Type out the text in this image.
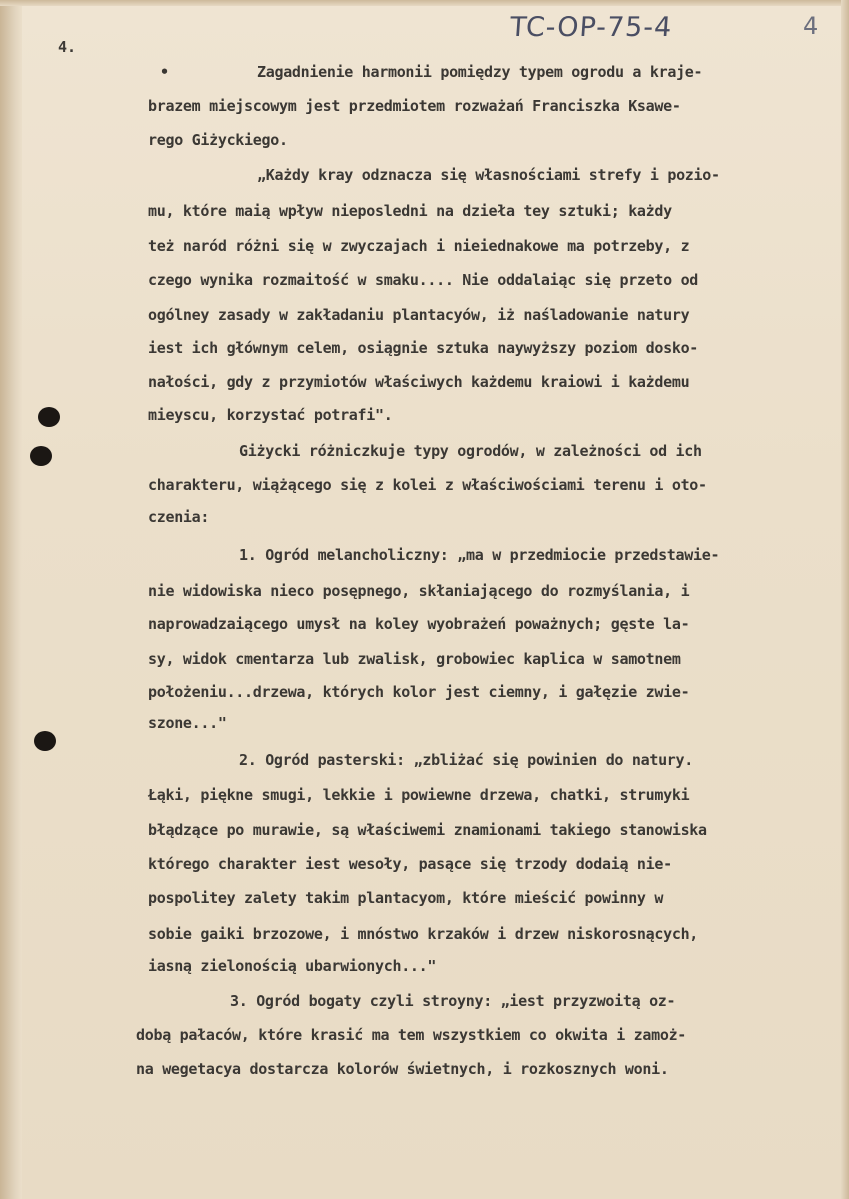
4.
TC-OP-75-4	4
•	Zagadnienie harmonii pomiędzy typem ogrodu a kraje-
brazem miejscowym jest przedmiotem rozważań Franciszka Ksawe-
rego Giżyckiego.
„Każdy kray odznacza się własnościami strefy i pozio-
mu, które maią wpływ nieposledni na dzieła tey sztuki; każdy
też naród różni się w zwyczajach i nieiednakowe ma potrzeby, z
czego wynika rozmaitość w smaku.... Nie oddalaiąc się przeto od
ogólney zasady w zakładaniu plantacyów, iż naśladowanie natury
iest ich głównym celem, osiągnie sztuka naywyższy poziom dosko-
nałości, gdy z przymiotów właściwych każdemu kraiowi i każdemu
mieyscu, korzystać potrafi".
Giżycki różniczkuje typy ogrodów, w zależności od ich
charakteru, wiążącego się z kolei z właściwościami terenu i oto-
czenia:
1. Ogród melancholiczny: „ma w przedmiocie przedstawie-
nie widowiska nieco posępnego, skłaniającego do rozmyślania, i
naprowadzaiącego umysł na koley wyobrażeń poważnych; gęste la-
sy, widok cmentarza lub zwalisk, grobowiec kaplica w samotnem
położeniu...drzewa, których kolor jest ciemny, i gałęzie zwie-
szone..."
2. Ogród pasterski: „zbliżać się powinien do natury.
Łąki, piękne smugi, lekkie i powiewne drzewa, chatki, strumyki
błądzące po murawie, są właściwemi znamionami takiego stanowiska
którego charakter iest wesoły, pasące się trzody dodaią nie-
pospolitey zalety takim plantacyom, które mieścić powinny w
sobie gaiki brzozowe, i mnóstwo krzaków i drzew niskorosnących,
iasną zielonością ubarwionych..."
3. Ogród bogaty czyli stroyny: „iest przyzwoitą oz-
dobą pałaców, które krasić ma tem wszystkiem co okwita i zamoż-
na wegetacya dostarcza kolorów świetnych, i rozkosznych woni.
